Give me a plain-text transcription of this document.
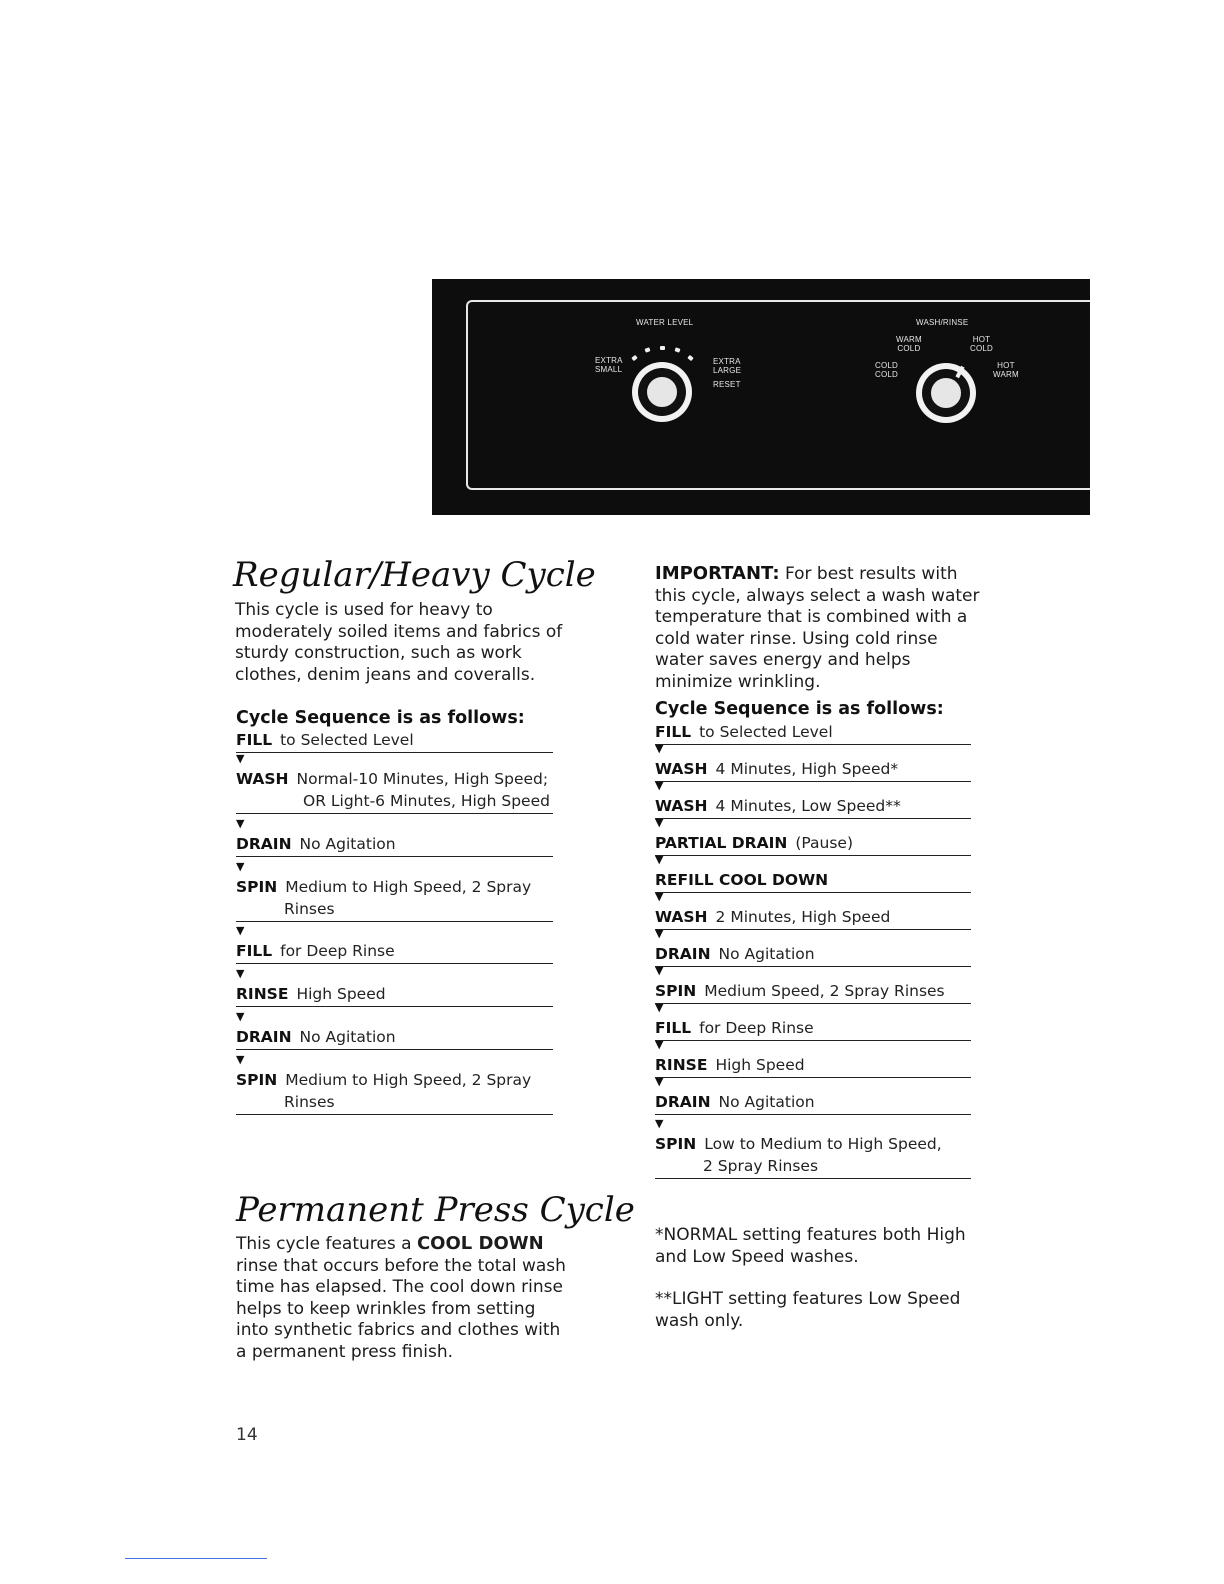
WATER LEVEL
EXTRA
SMALL
EXTRA
LARGE
RESET
WASH/RINSE
WARM
COLD
HOT
COLD
COLD
COLD
HOT
WARM
Regular/Heavy Cycle
This cycle is used for heavy to moderately soiled items and fabrics of sturdy construction, such as work clothes, denim jeans and coveralls.
Cycle Sequence is as follows:
FILL to Selected Level
▼
WASH Normal-10 Minutes, High Speed;
OR Light-6 Minutes, High Speed
▼
DRAIN No Agitation
▼
SPIN Medium to High Speed, 2 Spray
Rinses
▼
FILL for Deep Rinse
▼
RINSE High Speed
▼
DRAIN No Agitation
▼
SPIN Medium to High Speed, 2 Spray
Rinses
Permanent Press Cycle
This cycle features a COOL DOWN rinse that occurs before the total wash time has elapsed. The cool down rinse helps to keep wrinkles from setting into synthetic fabrics and clothes with a permanent press finish.
IMPORTANT: For best results with this cycle, always select a wash water temperature that is combined with a cold water rinse. Using cold rinse water saves energy and helps minimize wrinkling.
Cycle Sequence is as follows:
FILL to Selected Level
▼
WASH 4 Minutes, High Speed*
▼
WASH 4 Minutes, Low Speed**
▼
PARTIAL DRAIN (Pause)
▼
REFILL COOL DOWN
▼
WASH 2 Minutes, High Speed
▼
DRAIN No Agitation
▼
SPIN Medium Speed, 2 Spray Rinses
▼
FILL for Deep Rinse
▼
RINSE High Speed
▼
DRAIN No Agitation
▼
SPIN Low to Medium to High Speed,
2 Spray Rinses
*NORMAL setting features both High and Low Speed washes.
**LIGHT setting features Low Speed wash only.
14
